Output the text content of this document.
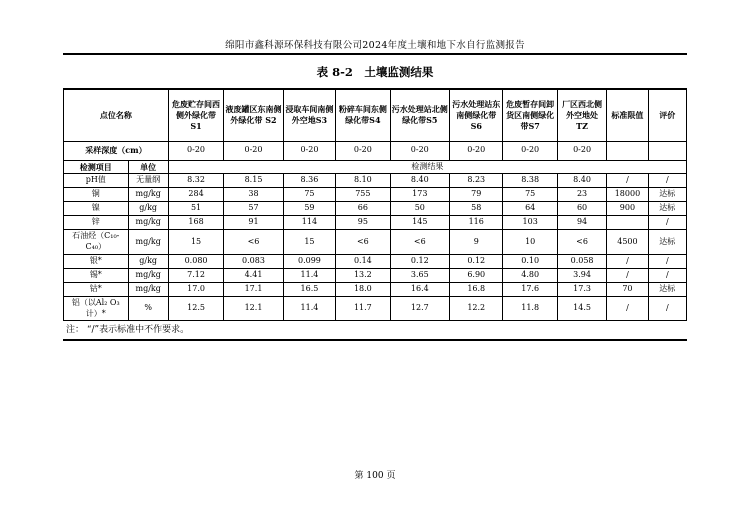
绵阳市鑫科源环保科技有限公司2024年度土壤和地下水自行监测报告
表 8-2　土壤监测结果
点位名称		危废贮存间西侧外绿化带 S1	液废罐区东南侧外绿化带 S2	浸取车间南侧外空地S3	粉碎车间东侧绿化带S4	污水处理站北侧绿化带S5	污水处理站东南侧绿化带S6	危废暂存间卸货区南侧绿化带S7	厂区西北侧外空地处 TZ	标准限值	评价
采样深度（cm）		0-20	0-20	0-20	0-20	0-20	0-20	0-20	0-20		
检测项目	单位	检测结果									
pH值	无量纲	8.32	8.15	8.36	8.10	8.40	8.23	8.38	8.40	/	/
铜	mg/kg	284	38	75	755	173	79	75	23	18000	达标
镍	g/kg	51	57	59	66	50	58	64	60	900	达标
锌	mg/kg	168	91	114	95	145	116	103	94		/
石油烃（C₁₀-C₄₀）	mg/kg	15	<6	15	<6	<6	9	10	<6	4500	达标
银*	g/kg	0.080	0.083	0.099	0.14	0.12	0.12	0.10	0.058	/	/
锡*	mg/kg	7.12	4.41	11.4	13.2	3.65	6.90	4.80	3.94	/	/
钴*	mg/kg	17.0	17.1	16.5	18.0	16.4	16.8	17.6	17.3	70	达标
铝（以Al₂ O₃ 计）*	%	12.5	12.1	11.4	11.7	12.7	12.2	11.8	14.5	/	/
注： “/”表示标准中不作要求。
第 100 页
